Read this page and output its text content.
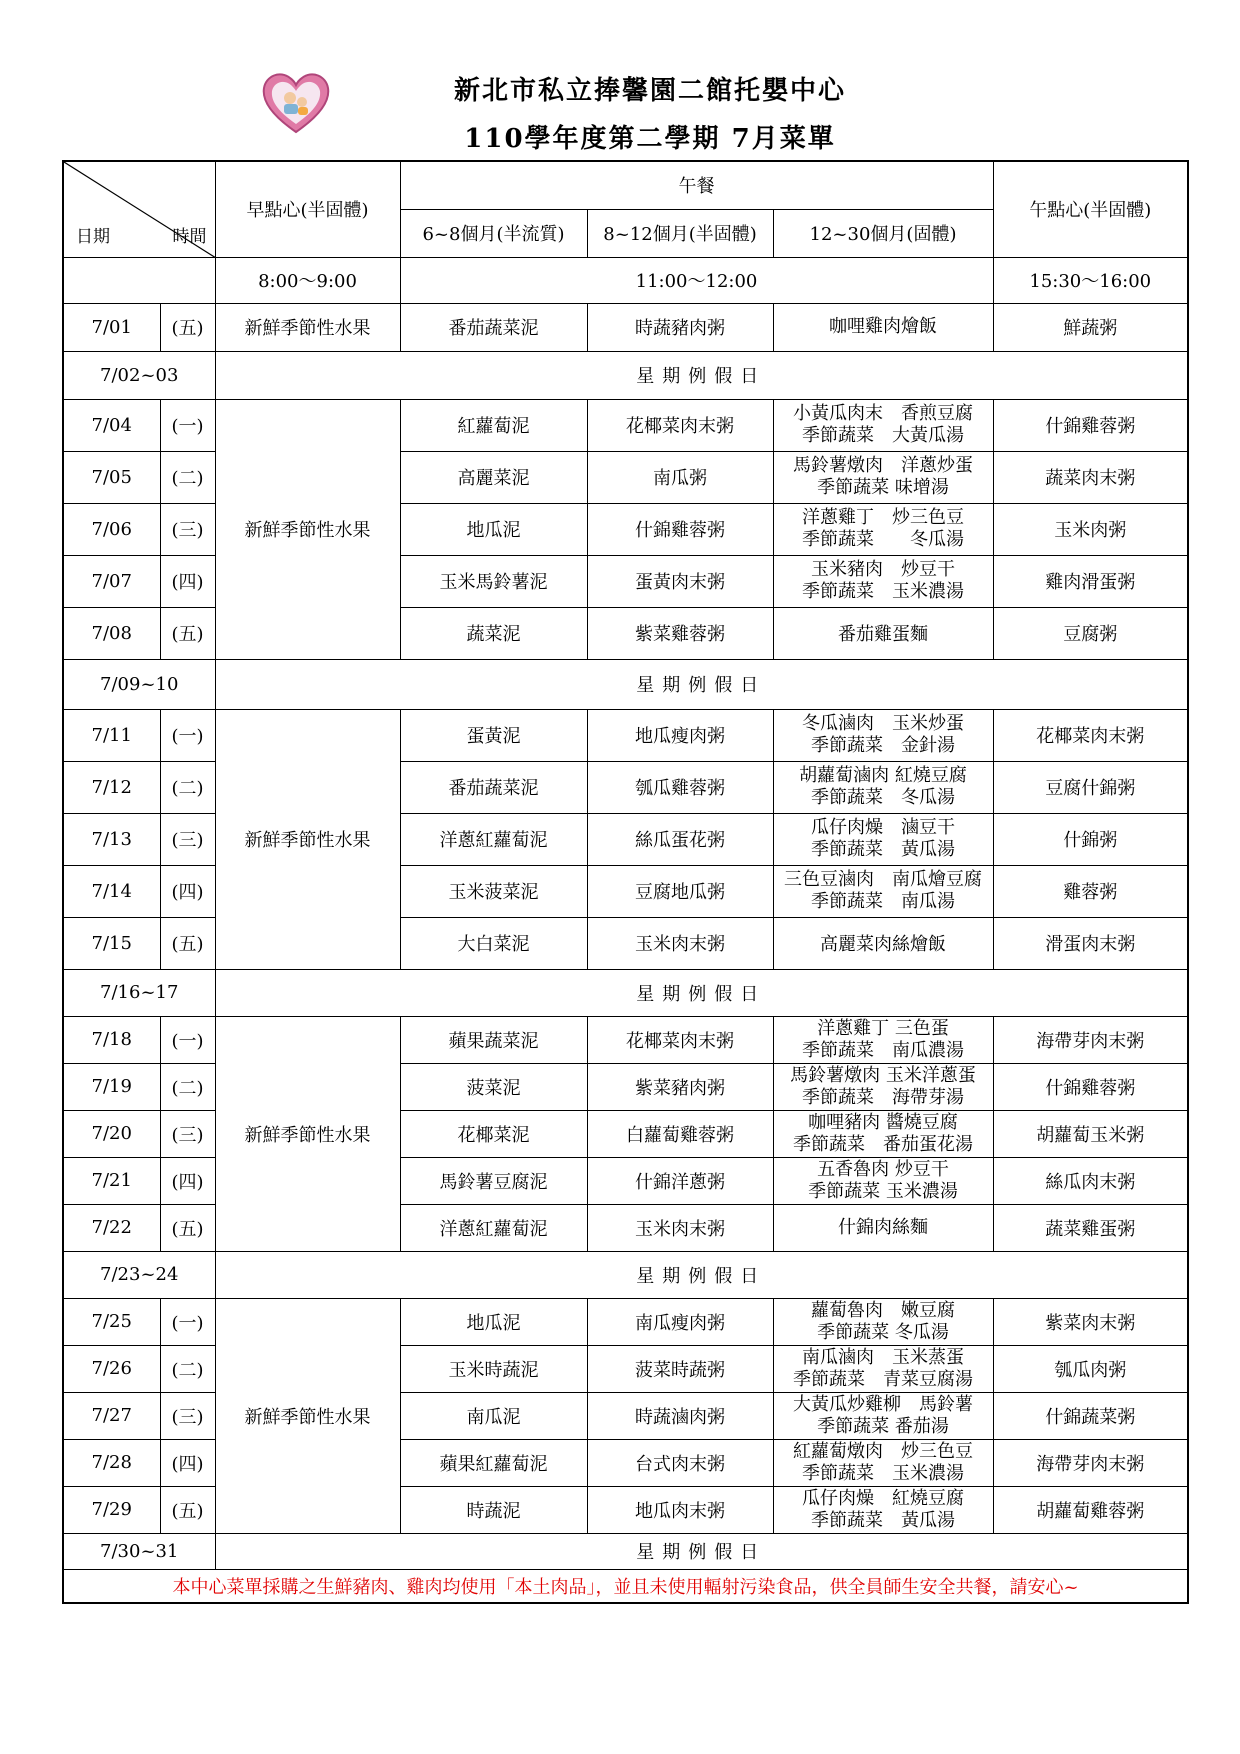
新北市私立捧馨園二館托嬰中心
110學年度第二學期 7月菜單
日期 時間		早點心(半固體)	午餐			午點心(半固體)
			6~8個月(半流質)	8~12個月(半固體)	12~30個月(固體)	
		8:00～9:00	11:00～12:00			15:30～16:00
7/01	(五)	新鮮季節性水果	番茄蔬菜泥	時蔬豬肉粥	咖哩雞肉燴飯	鮮蔬粥
7/02~03		星期例假日				
7/04	(一)	新鮮季節性水果	紅蘿蔔泥	花椰菜肉末粥	小黃瓜肉末　香煎豆腐
季節蔬菜　大黃瓜湯	什錦雞蓉粥
7/05	(二)		高麗菜泥	南瓜粥	馬鈴薯燉肉　洋蔥炒蛋
季節蔬菜 味增湯	蔬菜肉末粥
7/06	(三)		地瓜泥	什錦雞蓉粥	洋蔥雞丁　炒三色豆
季節蔬菜　　冬瓜湯	玉米肉粥
7/07	(四)		玉米馬鈴薯泥	蛋黃肉末粥	玉米豬肉　炒豆干
季節蔬菜　玉米濃湯	雞肉滑蛋粥
7/08	(五)		蔬菜泥	紫菜雞蓉粥	番茄雞蛋麵	豆腐粥
7/09~10		星期例假日				
7/11	(一)	新鮮季節性水果	蛋黃泥	地瓜瘦肉粥	冬瓜滷肉　玉米炒蛋
季節蔬菜　金針湯	花椰菜肉末粥
7/12	(二)		番茄蔬菜泥	瓠瓜雞蓉粥	胡蘿蔔滷肉 紅燒豆腐
季節蔬菜　冬瓜湯	豆腐什錦粥
7/13	(三)		洋蔥紅蘿蔔泥	絲瓜蛋花粥	瓜仔肉燥　滷豆干
季節蔬菜　黃瓜湯	什錦粥
7/14	(四)		玉米菠菜泥	豆腐地瓜粥	三色豆滷肉　南瓜燴豆腐
季節蔬菜　南瓜湯	雞蓉粥
7/15	(五)		大白菜泥	玉米肉末粥	高麗菜肉絲燴飯	滑蛋肉末粥
7/16~17		星期例假日				
7/18	(一)	新鮮季節性水果	蘋果蔬菜泥	花椰菜肉末粥	洋蔥雞丁 三色蛋
季節蔬菜　南瓜濃湯	海帶芽肉末粥
7/19	(二)		菠菜泥	紫菜豬肉粥	馬鈴薯燉肉 玉米洋蔥蛋
季節蔬菜　海帶芽湯	什錦雞蓉粥
7/20	(三)		花椰菜泥	白蘿蔔雞蓉粥	咖哩豬肉 醬燒豆腐
季節蔬菜　番茄蛋花湯	胡蘿蔔玉米粥
7/21	(四)		馬鈴薯豆腐泥	什錦洋蔥粥	五香魯肉 炒豆干
季節蔬菜 玉米濃湯	絲瓜肉末粥
7/22	(五)		洋蔥紅蘿蔔泥	玉米肉末粥	什錦肉絲麵	蔬菜雞蛋粥
7/23~24		星期例假日				
7/25	(一)	新鮮季節性水果	地瓜泥	南瓜瘦肉粥	蘿蔔魯肉　嫩豆腐
季節蔬菜 冬瓜湯	紫菜肉末粥
7/26	(二)		玉米時蔬泥	菠菜時蔬粥	南瓜滷肉　玉米蒸蛋
季節蔬菜　青菜豆腐湯	瓠瓜肉粥
7/27	(三)		南瓜泥	時蔬滷肉粥	大黃瓜炒雞柳　馬鈴薯
季節蔬菜 番茄湯	什錦蔬菜粥
7/28	(四)		蘋果紅蘿蔔泥	台式肉末粥	紅蘿蔔燉肉　炒三色豆
季節蔬菜　玉米濃湯	海帶芽肉末粥
7/29	(五)		時蔬泥	地瓜肉末粥	瓜仔肉燥　紅燒豆腐
季節蔬菜　黃瓜湯	胡蘿蔔雞蓉粥
7/30~31		星期例假日				
本中心菜單採購之生鮮豬肉、雞肉均使用「本土肉品」，並且未使用輻射污染食品，供全員師生安全共餐，請安心~						
